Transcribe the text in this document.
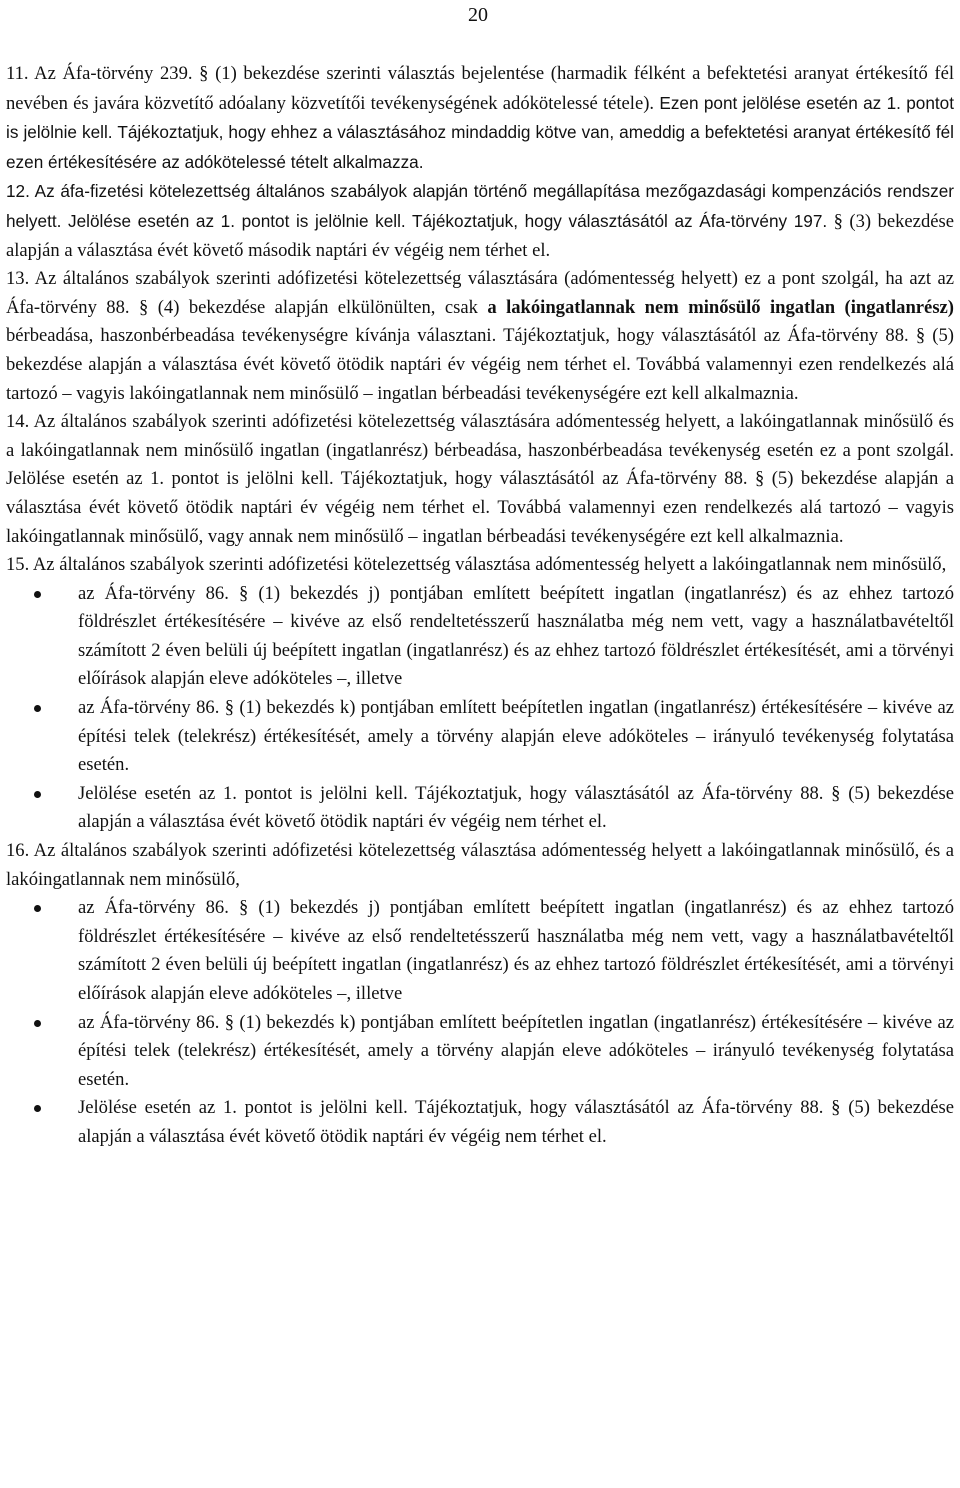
20

11. Az Áfa-törvény 239. § (1) bekezdése szerinti választás bejelentése (harmadik félként a befektetési aranyat értékesítő fél nevében és javára közvetítő adóalany közvetítői tevékenységének adókötelessé tétele). Ezen pont jelölése esetén az 1. pontot is jelölnie kell. Tájékoztatjuk, hogy ehhez a választásához mindaddig kötve van, ameddig a befektetési aranyat értékesítő fél ezen értékesítésére az adókötelessé tételt alkalmazza.

12. Az áfa-fizetési kötelezettség általános szabályok alapján történő megállapítása mezőgazdasági kompenzációs rendszer helyett. Jelölése esetén az 1. pontot is jelölnie kell. Tájékoztatjuk, hogy választásától az Áfa-törvény 197. § (3) bekezdése alapján a választása évét követő második naptári év végéig nem térhet el.

13. Az általános szabályok szerinti adófizetési kötelezettség választására (adómentesség helyett) ez a pont szolgál, ha azt az Áfa-törvény 88. § (4) bekezdése alapján elkülönülten, csak a lakóingatlannak nem minősülő ingatlan (ingatlanrész) bérbeadása, haszonbérbeadása tevékenységre kívánja választani. Tájékoztatjuk, hogy választásától az Áfa-törvény 88. § (5) bekezdése alapján a választása évét követő ötödik naptári év végéig nem térhet el. Továbbá valamennyi ezen rendelkezés alá tartozó – vagyis lakóingatlannak nem minősülő – ingatlan bérbeadási tevékenységére ezt kell alkalmaznia.

14. Az általános szabályok szerinti adófizetési kötelezettség választására adómentesség helyett, a lakóingatlannak minősülő és a lakóingatlannak nem minősülő ingatlan (ingatlanrész) bérbeadása, haszonbérbeadása tevékenység esetén ez a pont szolgál. Jelölése esetén az 1. pontot is jelölni kell. Tájékoztatjuk, hogy választásától az Áfa-törvény 88. § (5) bekezdése alapján a választása évét követő ötödik naptári év végéig nem térhet el. Továbbá valamennyi ezen rendelkezés alá tartozó – vagyis lakóingatlannak minősülő, vagy annak nem minősülő – ingatlan bérbeadási tevékenységére ezt kell alkalmaznia.

15. Az általános szabályok szerinti adófizetési kötelezettség választása adómentesség helyett a lakóingatlannak nem minősülő,

az Áfa-törvény 86. § (1) bekezdés j) pontjában említett beépített ingatlan (ingatlanrész) és az ehhez tartozó földrészlet értékesítésére – kivéve az első rendeltetésszerű használatba még nem vett, vagy a használatbavételtől számított 2 éven belüli új beépített ingatlan (ingatlanrész) és az ehhez tartozó földrészlet értékesítését, ami a törvényi előírások alapján eleve adóköteles –, illetve
az Áfa-törvény 86. § (1) bekezdés k) pontjában említett beépítetlen ingatlan (ingatlanrész) értékesítésére – kivéve az építési telek (telekrész) értékesítését, amely a törvény alapján eleve adóköteles – irányuló tevékenység folytatása esetén.
Jelölése esetén az 1. pontot is jelölni kell. Tájékoztatjuk, hogy választásától az Áfa-törvény 88. § (5) bekezdése alapján a választása évét követő ötödik naptári év végéig nem térhet el.

16. Az általános szabályok szerinti adófizetési kötelezettség választása adómentesség helyett a lakóingatlannak minősülő, és a lakóingatlannak nem minősülő,

az Áfa-törvény 86. § (1) bekezdés j) pontjában említett beépített ingatlan (ingatlanrész) és az ehhez tartozó földrészlet értékesítésére – kivéve az első rendeltetésszerű használatba még nem vett, vagy a használatbavételtől számított 2 éven belüli új beépített ingatlan (ingatlanrész) és az ehhez tartozó földrészlet értékesítését, ami a törvényi előírások alapján eleve adóköteles –, illetve
az Áfa-törvény 86. § (1) bekezdés k) pontjában említett beépítetlen ingatlan (ingatlanrész) értékesítésére – kivéve az építési telek (telekrész) értékesítését, amely a törvény alapján eleve adóköteles – irányuló tevékenység folytatása esetén.
Jelölése esetén az 1. pontot is jelölni kell. Tájékoztatjuk, hogy választásától az Áfa-törvény 88. § (5) bekezdése alapján a választása évét követő ötödik naptári év végéig nem térhet el.
